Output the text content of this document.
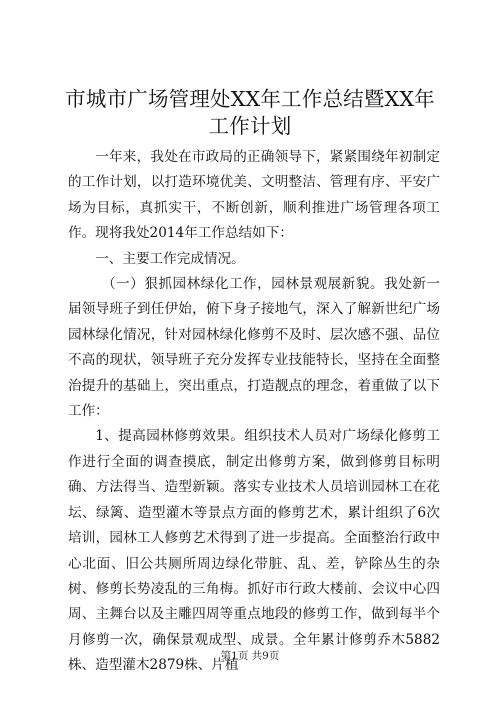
市城市广场管理处XX年工作总结暨XX年工作计划

一年来，我处在市政局的正确领导下，紧紧围绕年初制定的工作计划，以打造环境优美、文明整洁、管理有序、平安广场为目标，真抓实干，不断创新，顺利推进广场管理各项工作。现将我处2014年工作总结如下：

一、主要工作完成情况。

（一）狠抓园林绿化工作，园林景观展新貌。我处新一届领导班子到任伊始，俯下身子接地气，深入了解新世纪广场园林绿化情况，针对园林绿化修剪不及时、层次感不强、品位不高的现状，领导班子充分发挥专业技能特长，坚持在全面整治提升的基础上，突出重点，打造靓点的理念，着重做了以下工作：

1、提高园林修剪效果。组织技术人员对广场绿化修剪工作进行全面的调查摸底，制定出修剪方案，做到修剪目标明确、方法得当、造型新颖。落实专业技术人员培训园林工在花坛、绿篱、造型灌木等景点方面的修剪艺术，累计组织了6次培训，园林工人修剪艺术得到了进一步提高。全面整治行政中心北面、旧公共厕所周边绿化带脏、乱、差，铲除丛生的杂树、修剪长势凌乱的三角梅。抓好市行政大楼前、会议中心四周、主舞台以及主雕四周等重点地段的修剪工作，做到每半个月修剪一次，确保景观成型、成景。全年累计修剪乔木5882株、造型灌木2879株、片植

第1页 共9页
